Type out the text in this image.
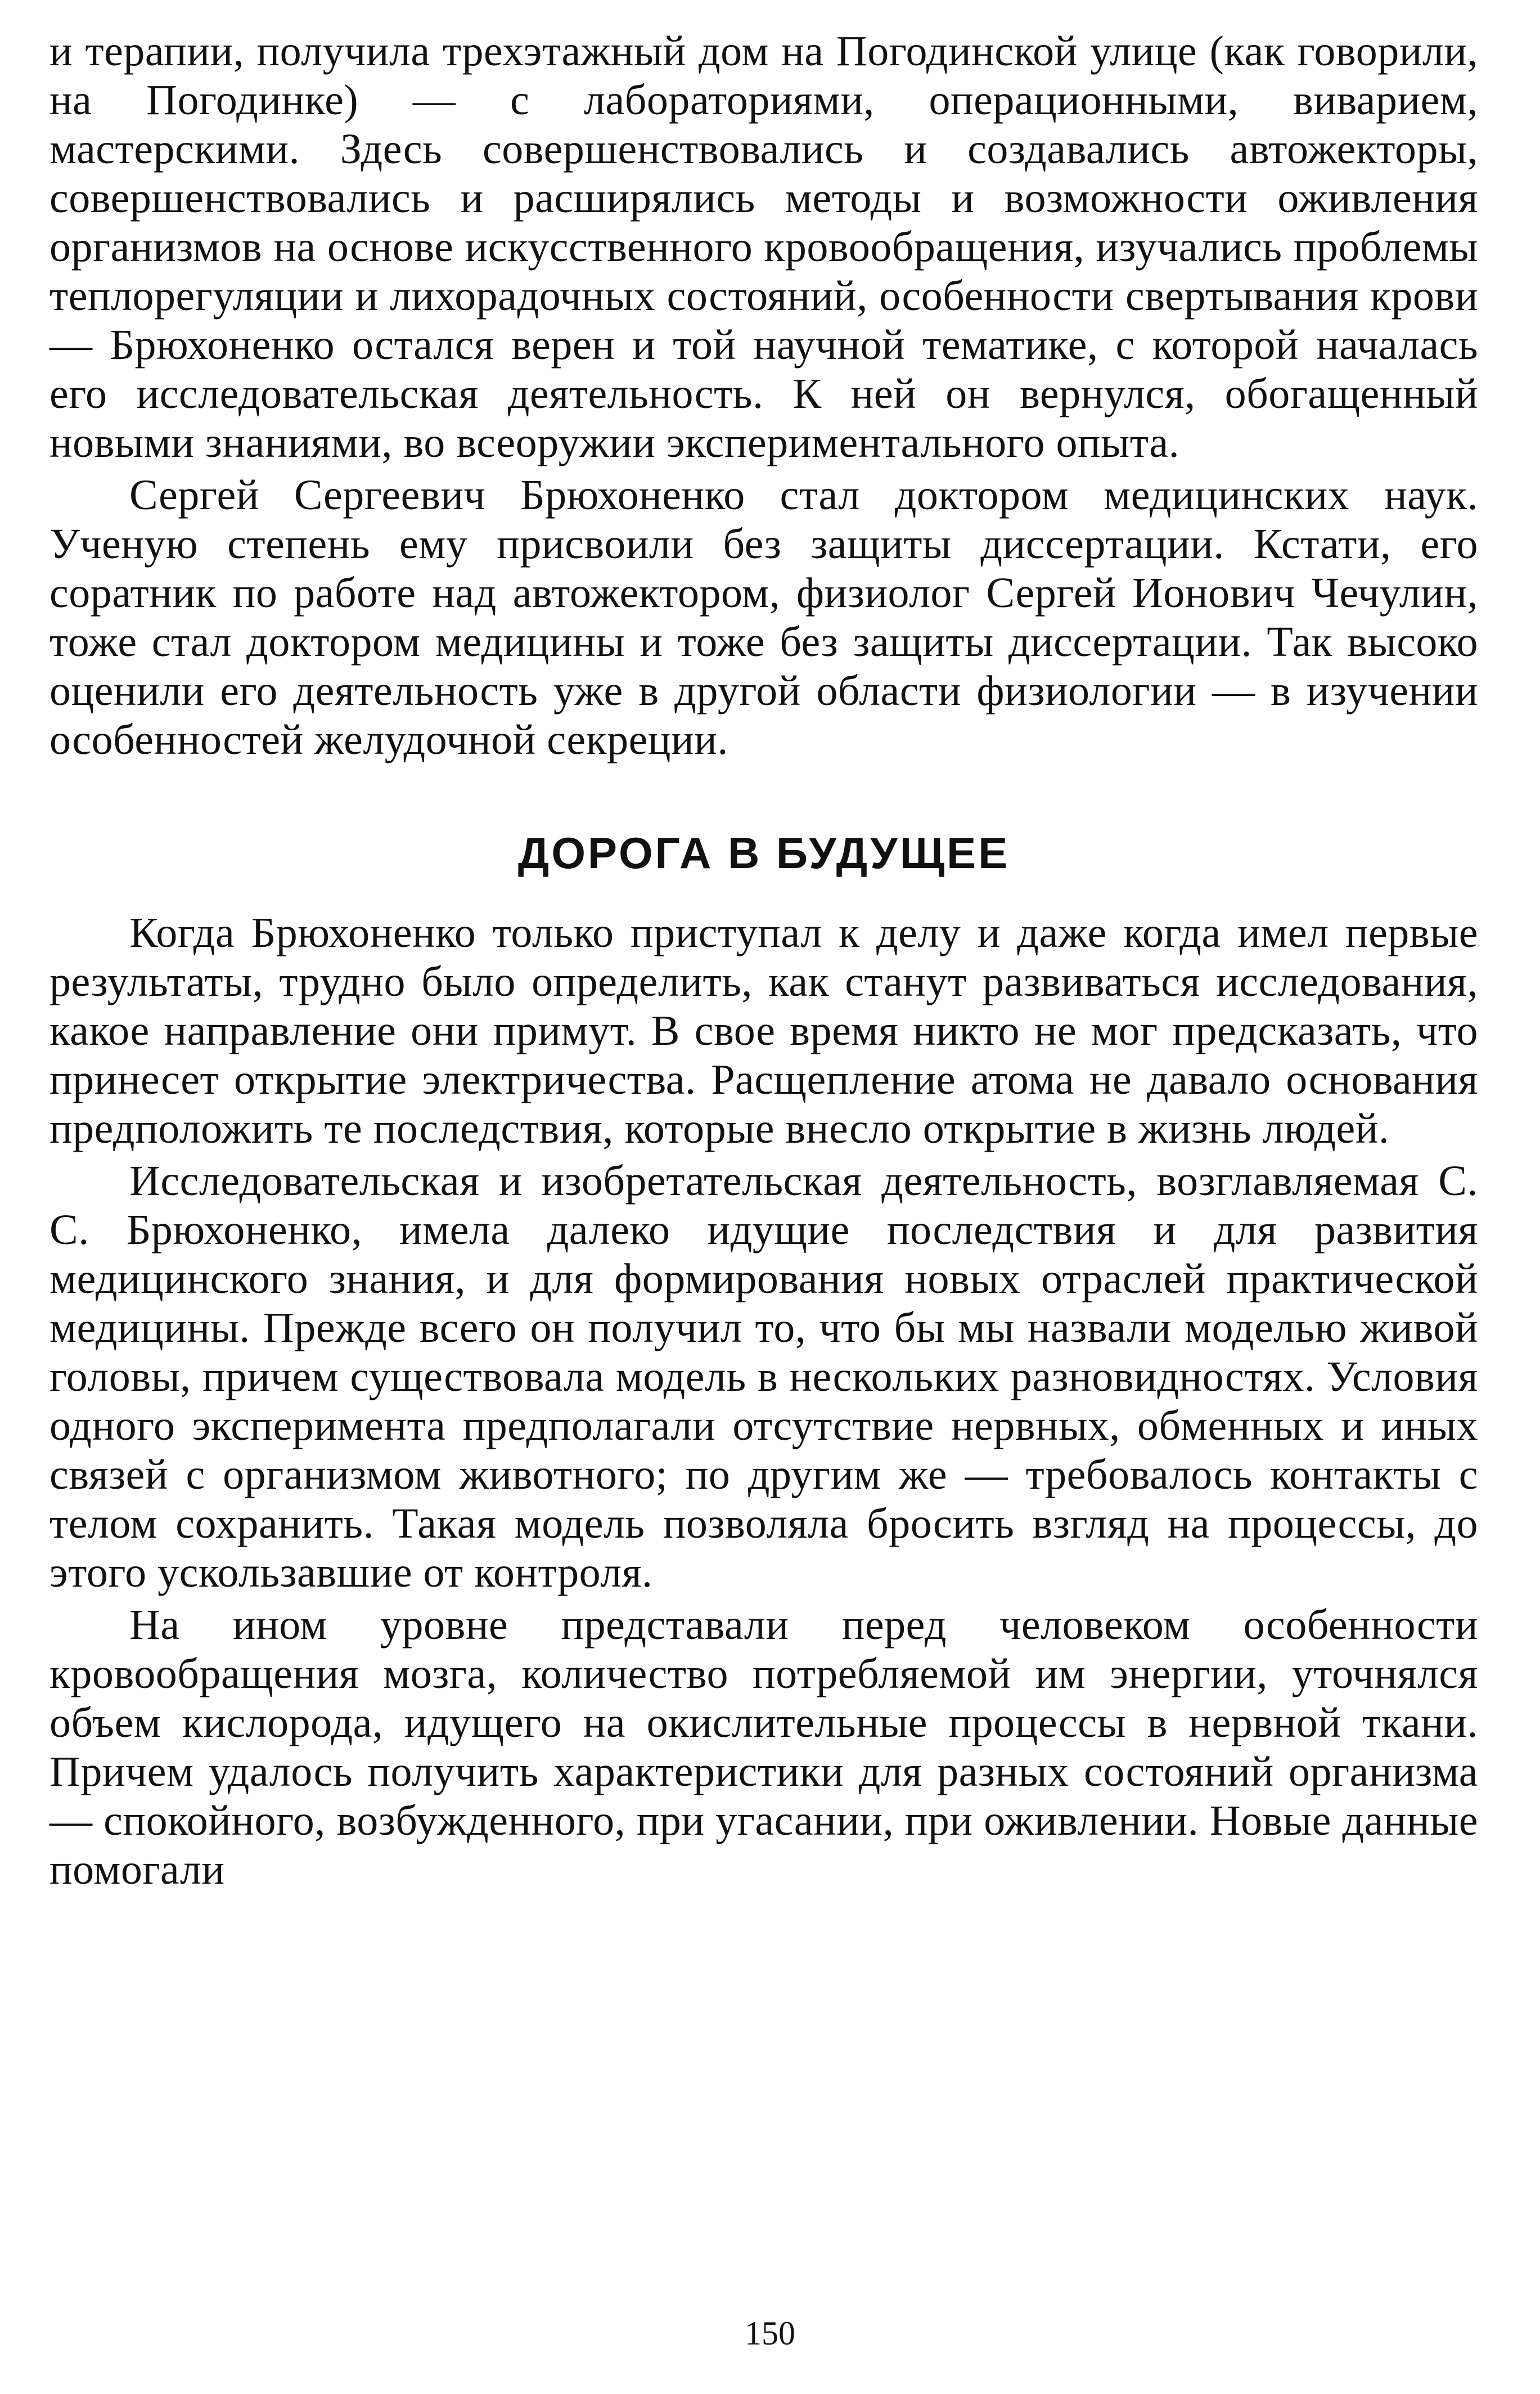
и терапии, получила трехэтажный дом на Погодинской улице (как говорили, на Погодинке) — с лабораториями, операционными, виварием, мастерскими. Здесь совершенствовались и создавались автожекторы, совершенствовались и расширялись методы и возможности оживления организмов на основе искусственного кровообращения, изучались проблемы теплорегуляции и лихорадочных состояний, особенности свертывания крови — Брюхоненко остался верен и той научной тематике, с которой началась его исследовательская деятельность. К ней он вернулся, обогащенный новыми знаниями, во всеоружии экспериментального опыта.

Сергей Сергеевич Брюхоненко стал доктором медицинских наук. Ученую степень ему присвоили без защиты диссертации. Кстати, его соратник по работе над автожектором, физиолог Сергей Ионович Чечулин, тоже стал доктором медицины и тоже без защиты диссертации. Так высоко оценили его деятельность уже в другой области физиологии — в изучении особенностей желудочной секреции.

ДОРОГА В БУДУЩЕЕ

Когда Брюхоненко только приступал к делу и даже когда имел первые результаты, трудно было определить, как станут развиваться исследования, какое направление они примут. В свое время никто не мог предсказать, что принесет открытие электричества. Расщепление атома не давало основания предположить те последствия, которые внесло открытие в жизнь людей.

Исследовательская и изобретательская деятельность, возглавляемая С. С. Брюхоненко, имела далеко идущие последствия и для развития медицинского знания, и для формирования новых отраслей практической медицины. Прежде всего он получил то, что бы мы назвали моделью живой головы, причем существовала модель в нескольких разновидностях. Условия одного эксперимента предполагали отсутствие нервных, обменных и иных связей с организмом животного; по другим же — требовалось контакты с телом сохранить. Такая модель позволяла бросить взгляд на процессы, до этого ускользавшие от контроля.

На ином уровне представали перед человеком особенности кровообращения мозга, количество потребляемой им энергии, уточнялся объем кислорода, идущего на окислительные процессы в нервной ткани. Причем удалось получить характеристики для разных состояний организма — спокойного, возбужденного, при угасании, при оживлении. Новые данные помогали

150
